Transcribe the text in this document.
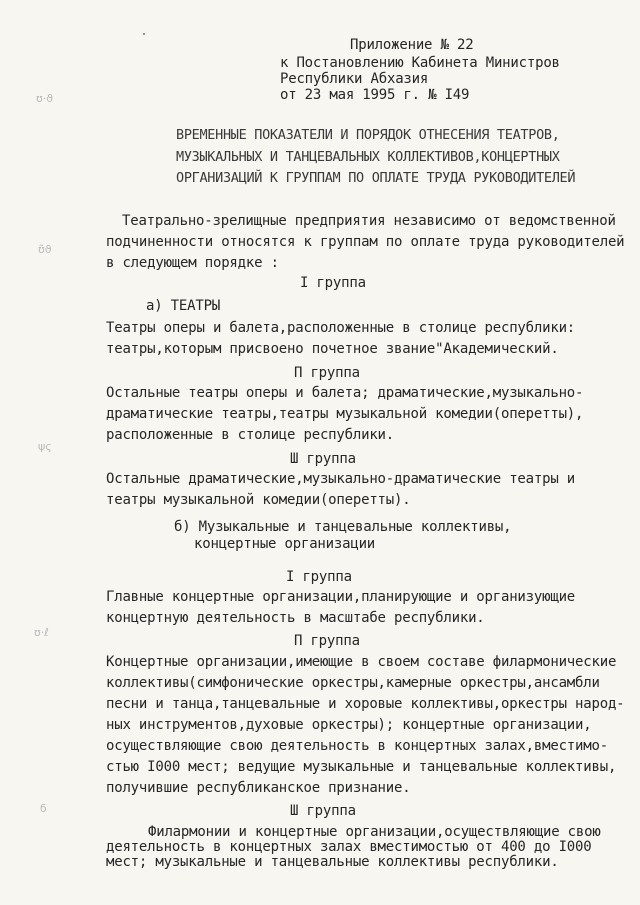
ʊ·ϑ
ʊ̃ϑ
ψς
ʊ·ℓ
ϭ
Приложение № 22
к Постановлению Кабинета Министров
Республики Абхазия
от 23 мая 1995 г. № I49
ВРЕМЕННЫЕ ПОКАЗАТЕЛИ И ПОРЯДОК ОТНЕСЕНИЯ ТЕАТРОВ,
МУЗЫКАЛЬНЫХ И ТАНЦЕВАЛЬНЫХ КОЛЛЕКТИВОВ,КОНЦЕРТНЫХ
ОРГАНИЗАЦИЙ К ГРУППАМ ПО ОПЛАТЕ ТРУДА РУКОВОДИТЕЛЕЙ
Театрально-зрелищные предприятия независимо от ведомственной
подчиненности относятся к группам по оплате труда руководителей
в следующем порядке :
I группа
а) ТЕАТРЫ
Театры оперы и балета,расположенные в столице республики:
театры,которым присвоено почетное звание"Академический.
П группа
Остальные театры оперы и балета; драматические,музыкально-
драматические театры,театры музыкальной комедии(оперетты),
расположенные в столице республики.
Ш группа
Остальные драматические,музыкально-драматические театры и
театры музыкальной комедии(оперетты).
б) Музыкальные и танцевальные коллективы,
концертные организации
I группа
Главные концертные организации,планирующие и организующие
концертную деятельность в масштабе республики.
П группа
Концертные организации,имеющие в своем составе филармонические
коллективы(симфонические оркестры,камерные оркестры,ансамбли
песни и танца,танцевальные и хоровые коллективы,оркестры народ-
ных инструментов,духовые оркестры); концертные организации,
осуществляющие свою деятельность в концертных залах,вместимо-
стью I000 мест; ведущие музыкальные и танцевальные коллективы,
получившие республиканское признание.
Ш группа
Филармонии и концертные организации,осуществляющие свою
деятельность в концертных залах вместимостью от 400 до I000
мест; музыкальные и танцевальные коллективы республики.
